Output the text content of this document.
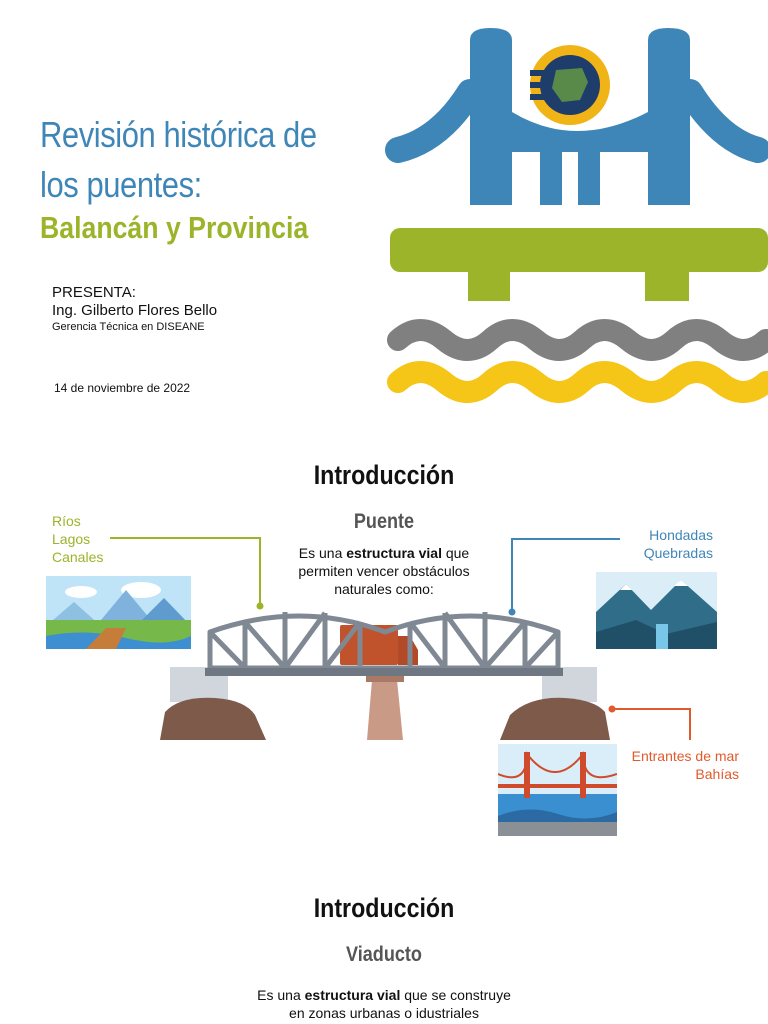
Revisión histórica de
los puentes:
Balancán y Provincia
PRESENTA:
Ing. Gilberto Flores Bello
Gerencia Técnica en DISEANE
14 de noviembre de 2022
Introducción
Puente
Es una estructura vial que
permiten vencer obstáculos
naturales como:
Ríos
Lagos
Canales
Hondadas
Quebradas
Entrantes de mar
Bahías
Introducción
Viaducto
Es una estructura vial que se construye
en zonas urbanas o idustriales
